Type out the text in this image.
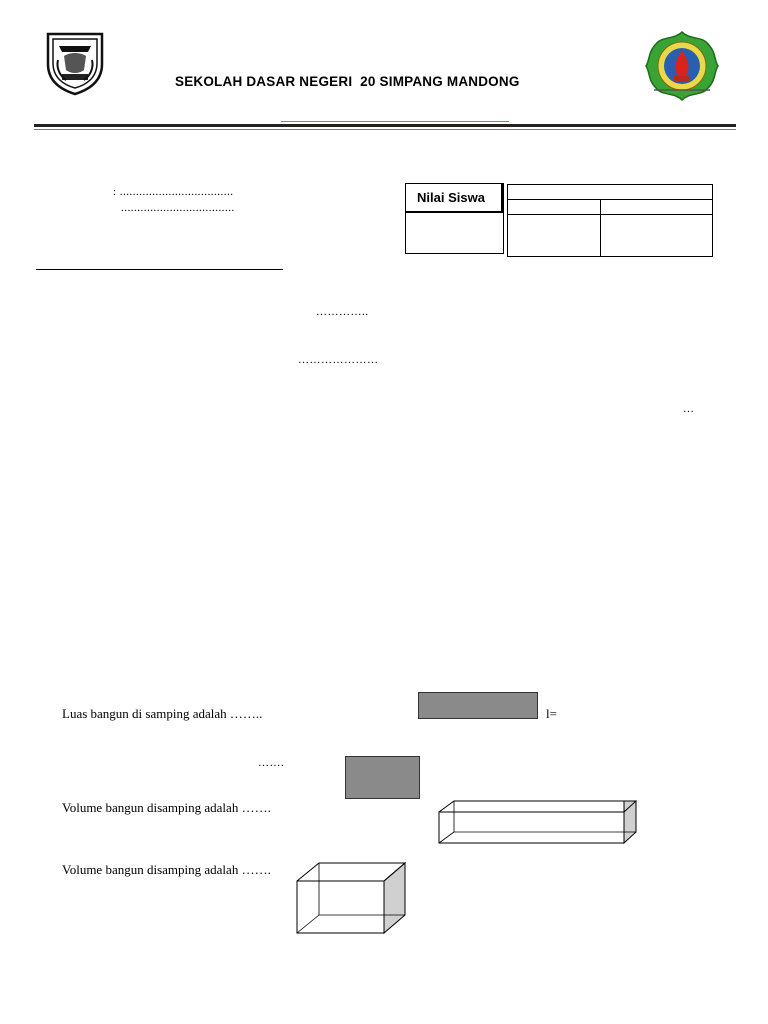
SEKOLAH DASAR NEGERI  20 SIMPANG MANDONG
: ...................................
...................................
Nilai Siswa
…………..
…………………
…
Luas bangun di samping adalah ……..	l=
…….
Volume bangun disamping adalah …….
Volume bangun disamping adalah …….
